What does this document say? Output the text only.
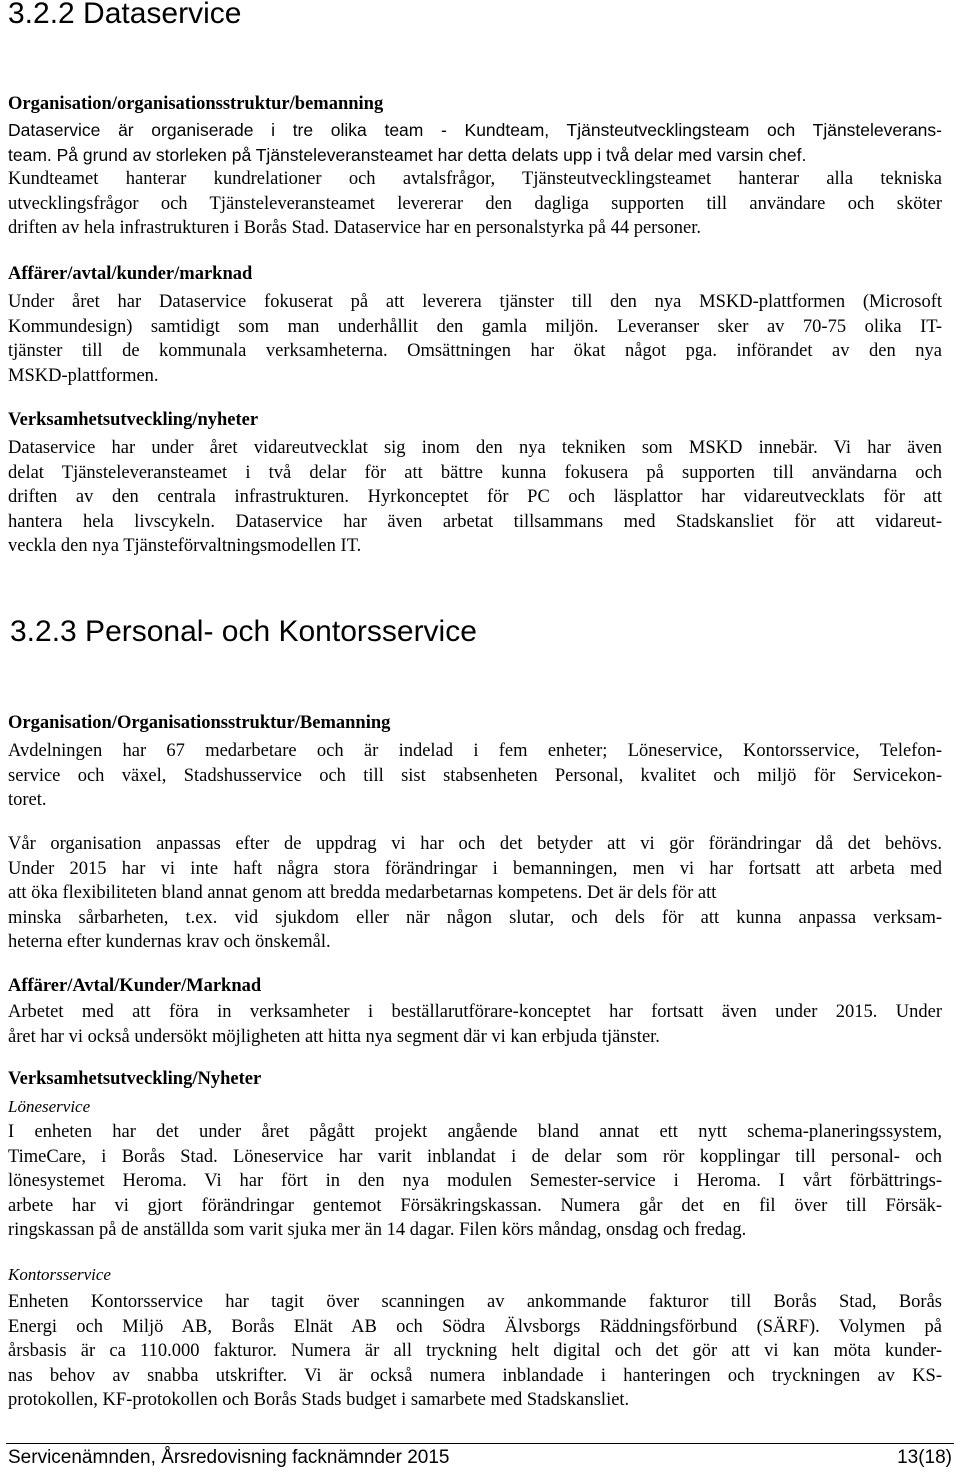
3.2.2 Dataservice
Organisation/organisationsstruktur/bemanning
Dataservice är organiserade i tre olika team - Kundteam, Tjänsteutvecklingsteam och Tjänsteleverans-
team. På grund av storleken på Tjänsteleveransteamet har detta delats upp i två delar med varsin chef.
Kundteamet hanterar kundrelationer och avtalsfrågor, Tjänsteutvecklingsteamet hanterar alla tekniska
utvecklingsfrågor och Tjänsteleveransteamet levererar den dagliga supporten till användare och sköter
driften av hela infrastrukturen i Borås Stad. Dataservice har en personalstyrka på 44 personer.
Affärer/avtal/kunder/marknad
Under året har Dataservice fokuserat på att leverera tjänster till den nya MSKD-plattformen (Microsoft
Kommundesign) samtidigt som man underhållit den gamla miljön. Leveranser sker av 70-75 olika IT-
tjänster till de kommunala verksamheterna. Omsättningen har ökat något pga. införandet av den nya
MSKD-plattformen.
Verksamhetsutveckling/nyheter
Dataservice har under året vidareutvecklat sig inom den nya tekniken som MSKD innebär. Vi har även
delat Tjänsteleveransteamet i två delar för att bättre kunna fokusera på supporten till användarna och
driften av den centrala infrastrukturen. Hyrkonceptet för PC och läsplattor har vidareutvecklats för att
hantera hela livscykeln. Dataservice har även arbetat tillsammans med Stadskansliet för att vidareut-
veckla den nya Tjänsteförvaltningsmodellen IT.
3.2.3 Personal- och Kontorsservice
Organisation/Organisationsstruktur/Bemanning
Avdelningen har 67 medarbetare och är indelad i fem enheter; Löneservice, Kontorsservice, Telefon-
service och växel, Stadshusservice och till sist stabsenheten Personal, kvalitet och miljö för Servicekon-
toret.
Vår organisation anpassas efter de uppdrag vi har och det betyder att vi gör förändringar då det behövs.
Under 2015 har vi inte haft några stora förändringar i bemanningen, men vi har fortsatt att arbeta med
att öka flexibiliteten bland annat genom att bredda medarbetarnas kompetens. Det är dels för att
minska sårbarheten, t.ex. vid sjukdom eller när någon slutar, och dels för att kunna anpassa verksam-
heterna efter kundernas krav och önskemål.
Affärer/Avtal/Kunder/Marknad
Arbetet med att föra in verksamheter i beställarutförare-konceptet har fortsatt även under 2015. Under
året har vi också undersökt möjligheten att hitta nya segment där vi kan erbjuda tjänster.
Verksamhetsutveckling/Nyheter
Löneservice
I enheten har det under året pågått projekt angående bland annat ett nytt schema-planeringssystem,
TimeCare, i Borås Stad. Löneservice har varit inblandat i de delar som rör kopplingar till personal- och
lönesystemet Heroma. Vi har fört in den nya modulen Semester-service i Heroma. I vårt förbättrings-
arbete har vi gjort förändringar gentemot Försäkringskassan. Numera går det en fil över till Försäk-
ringskassan på de anställda som varit sjuka mer än 14 dagar. Filen körs måndag, onsdag och fredag.
Kontorsservice
Enheten Kontorsservice har tagit över scanningen av ankommande fakturor till Borås Stad, Borås
Energi och Miljö AB, Borås Elnät AB och Södra Älvsborgs Räddningsförbund (SÄRF). Volymen på
årsbasis är ca 110.000 fakturor. Numera är all tryckning helt digital och det gör att vi kan möta kunder-
nas behov av snabba utskrifter. Vi är också numera inblandade i hanteringen och tryckningen av KS-
protokollen, KF-protokollen och Borås Stads budget i samarbete med Stadskansliet.
Servicenämnden, Årsredovisning facknämnder 2015	13(18)
